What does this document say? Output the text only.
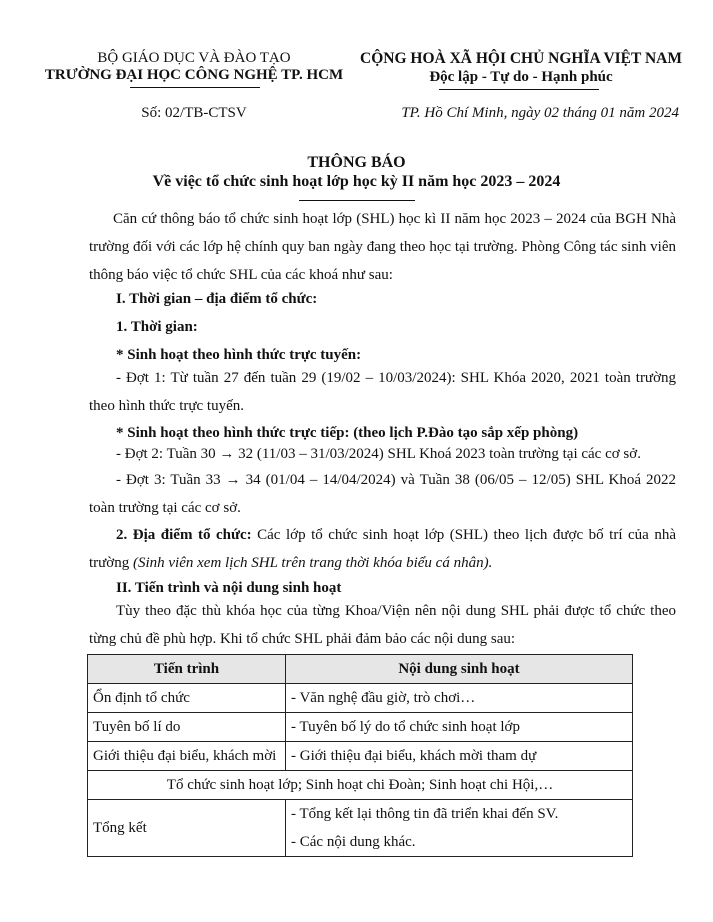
BỘ GIÁO DỤC VÀ ĐÀO TẠO
TRƯỜNG ĐẠI HỌC CÔNG NGHỆ TP. HCM
Số: 02/TB-CTSV
CỘNG HOÀ XÃ HỘI CHỦ NGHĨA VIỆT NAM
Độc lập - Tự do - Hạnh phúc
TP. Hồ Chí Minh, ngày 02 tháng 01 năm 2024
THÔNG BÁO
Về việc tổ chức sinh hoạt lớp học kỳ II năm học 2023 – 2024
Căn cứ thông báo tổ chức sinh hoạt lớp (SHL) học kì II năm học 2023 – 2024 của BGH Nhà trường đối với các lớp hệ chính quy ban ngày đang theo học tại trường. Phòng Công tác sinh viên thông báo việc tổ chức SHL của các khoá như sau:
I. Thời gian – địa điểm tổ chức:
1. Thời gian:
* Sinh hoạt theo hình thức trực tuyến:
- Đợt 1: Từ tuần 27 đến tuần 29 (19/02 – 10/03/2024): SHL Khóa 2020, 2021 toàn trường theo hình thức trực tuyến.
* Sinh hoạt theo hình thức trực tiếp: (theo lịch P.Đào tạo sắp xếp phòng)
- Đợt 2: Tuần 30 → 32 (11/03 – 31/03/2024) SHL Khoá 2023 toàn trường tại các cơ sở.
- Đợt 3: Tuần 33 → 34 (01/04 – 14/04/2024) và Tuần 38 (06/05 – 12/05) SHL Khoá 2022 toàn trường tại các cơ sở.
2. Địa điểm tổ chức: Các lớp tổ chức sinh hoạt lớp (SHL) theo lịch được bố trí của nhà trường (Sinh viên xem lịch SHL trên trang thời khóa biểu cá nhân).
II. Tiến trình và nội dung sinh hoạt
Tùy theo đặc thù khóa học của từng Khoa/Viện nên nội dung SHL phải được tổ chức theo từng chủ đề phù hợp. Khi tổ chức SHL phải đảm bảo các nội dung sau:
Tiến trình	Nội dung sinh hoạt
Ổn định tổ chức	- Văn nghệ đầu giờ, trò chơi…
Tuyên bố lí do	- Tuyên bố lý do tổ chức sinh hoạt lớp
Giới thiệu đại biểu, khách mời	- Giới thiệu đại biểu, khách mời tham dự
Tổ chức sinh hoạt lớp; Sinh hoạt chi Đoàn; Sinh hoạt chi Hội,…	
Tổng kết	- Tổng kết lại thông tin đã triển khai đến SV.
- Các nội dung khác.
